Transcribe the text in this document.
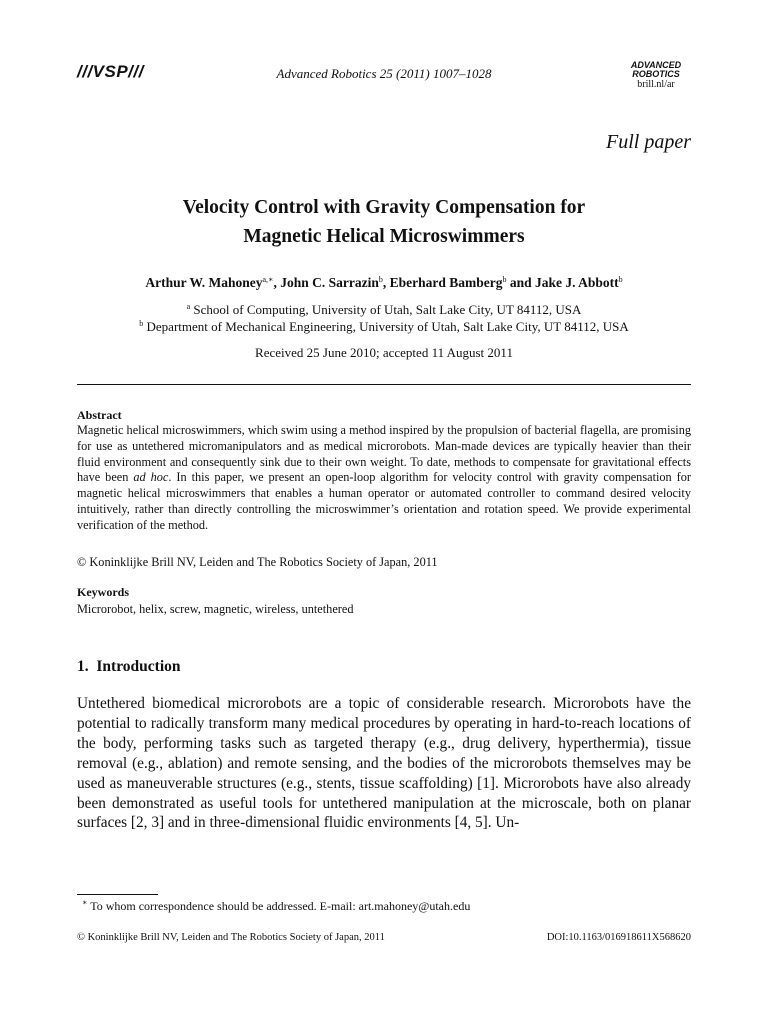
///VSP///	Advanced Robotics 25 (2011) 1007–1028
ADVANCED
ROBOTICS
brill.nl/ar
Full paper
Velocity Control with Gravity Compensation for
Magnetic Helical Microswimmers
Arthur W. Mahoney$^{a,∗}$, John C. Sarrazin$^b$, Eberhard Bamberg$^b$ and Jake J. Abbott$^b$
$^a$ School of Computing, University of Utah, Salt Lake City, UT 84112, USA
$^b$ Department of Mechanical Engineering, University of Utah, Salt Lake City, UT 84112, USA
Received 25 June 2010; accepted 11 August 2011
Abstract
Magnetic helical microswimmers, which swim using a method inspired by the propulsion of bacterial flagella, are promising for use as untethered micromanipulators and as medical microrobots. Man-made devices are typically heavier than their fluid environment and consequently sink due to their own weight. To date, methods to compensate for gravitational effects have been ad hoc. In this paper, we present an open-loop algorithm for velocity control with gravity compensation for magnetic helical microswimmers that enables a human operator or automated controller to command desired velocity intuitively, rather than directly controlling the microswimmer’s orientation and rotation speed. We provide experimental verification of the method.
© Koninklijke Brill NV, Leiden and The Robotics Society of Japan, 2011
Keywords
Microrobot, helix, screw, magnetic, wireless, untethered
1.  Introduction
Untethered biomedical microrobots are a topic of considerable research. Microrobots have the potential to radically transform many medical procedures by operating in hard-to-reach locations of the body, performing tasks such as targeted therapy (e.g., drug delivery, hyperthermia), tissue removal (e.g., ablation) and remote sensing, and the bodies of the microrobots themselves may be used as maneuverable structures (e.g., stents, tissue scaffolding) [1]. Microrobots have also already been demonstrated as useful tools for untethered manipulation at the microscale, both on planar surfaces [2, 3] and in three-dimensional fluidic environments [4, 5]. Un-
∗ To whom correspondence should be addressed. E-mail: art.mahoney@utah.edu
© Koninklijke Brill NV, Leiden and The Robotics Society of Japan, 2011	DOI:10.1163/016918611X568620
